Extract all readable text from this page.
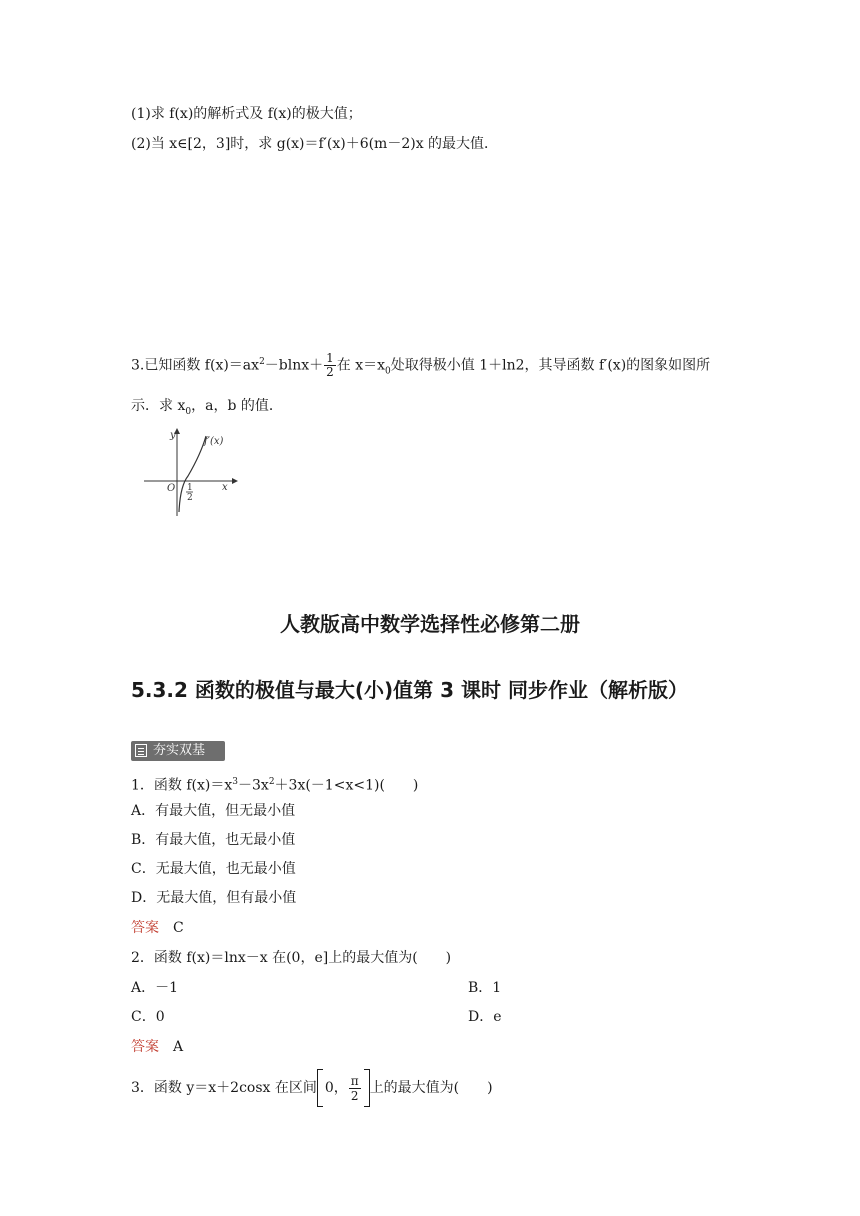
(1)求 f(x)的解析式及 f(x)的极大值；
(2)当 x∈[2，3]时，求 g(x)＝f′(x)＋6(m－2)x 的最大值．
3.已知函数 $f(x)=ax^2-blnx+ \frac{1}{2}$ 在 $x=x_0$处取得极小值 1＋ln2，其导函数 f′(x)的图象如图所
示．求 $x_0$，a，b 的值．
y
x
O
f′(x)
1
2
人教版高中数学选择性必修第二册
5.3.2 函数的极值与最大(小)值第 3 课时 同步作业（解析版）
夯实双基
1．函数 $f(x)=x^3-3x^2+3x(-1<x<1)$(　　)
A．有最大值，但无最小值
B．有最大值，也无最小值
C．无最大值，也无最小值
D．无最大值，但有最小值
答案 C
2．函数 f(x)＝lnx－x 在(0，e]上的最大值为(　　)
A．－1	B．1
C．0	D．e
答案 A
3．函数 y＝x＋2cosx 在区间 0， $\frac{\pi}{2}$ 上的最大值为(　　)
